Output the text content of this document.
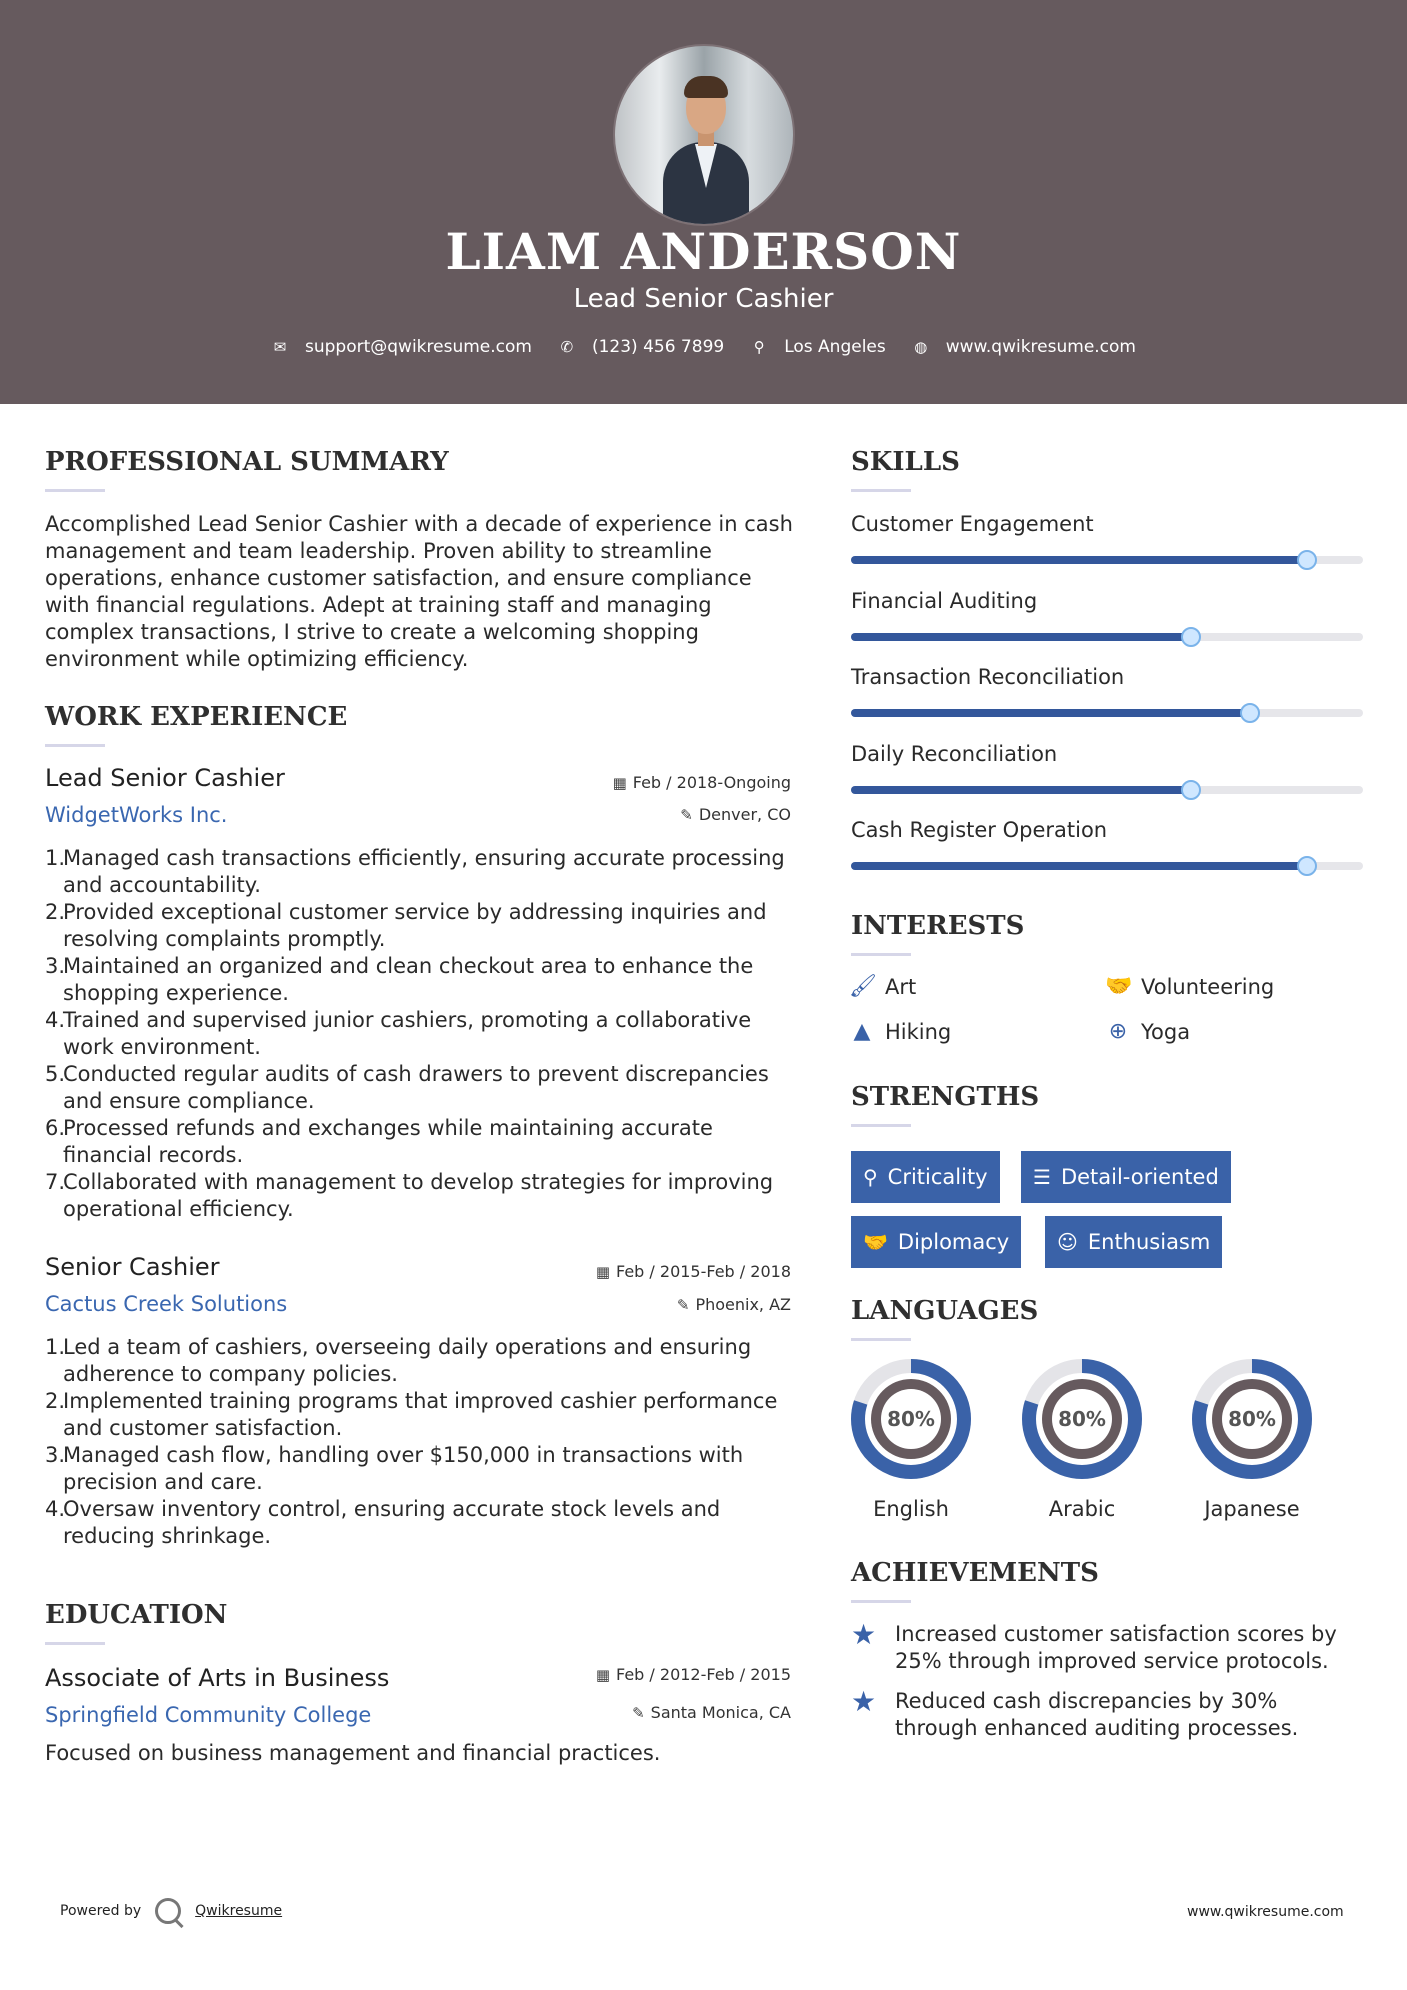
LIAM ANDERSON
Lead Senior Cashier
✉ support@qwikresume.com ✆ (123) 456 7899 ⚲ Los Angeles ◍ www.qwikresume.com
PROFESSIONAL SUMMARY
Accomplished Lead Senior Cashier with a decade of experience in cash
management and team leadership. Proven ability to streamline
operations, enhance customer satisfaction, and ensure compliance
with financial regulations. Adept at training staff and managing
complex transactions, I strive to create a welcoming shopping
environment while optimizing efficiency.
WORK EXPERIENCE
Lead Senior Cashier	▦ Feb / 2018-Ongoing
WidgetWorks Inc.	✎ Denver, CO
1.
Managed cash transactions efficiently, ensuring accurate processing
and accountability.
2.
Provided exceptional customer service by addressing inquiries and
resolving complaints promptly.
3.
Maintained an organized and clean checkout area to enhance the
shopping experience.
4.
Trained and supervised junior cashiers, promoting a collaborative
work environment.
5.
Conducted regular audits of cash drawers to prevent discrepancies
and ensure compliance.
6.
Processed refunds and exchanges while maintaining accurate
financial records.
7.
Collaborated with management to develop strategies for improving
operational efficiency.
Senior Cashier	▦ Feb / 2015-Feb / 2018
Cactus Creek Solutions	✎ Phoenix, AZ
1.
Led a team of cashiers, overseeing daily operations and ensuring
adherence to company policies.
2.
Implemented training programs that improved cashier performance
and customer satisfaction.
3.
Managed cash flow, handling over $150,000 in transactions with
precision and care.
4.
Oversaw inventory control, ensuring accurate stock levels and
reducing shrinkage.
EDUCATION
Associate of Arts in Business	▦ Feb / 2012-Feb / 2015
Springfield Community College	✎ Santa Monica, CA
Focused on business management and financial practices.
SKILLS
Customer Engagement
Financial Auditing
Transaction Reconciliation
Daily Reconciliation
Cash Register Operation
INTERESTS
🖌 Art	🤝 Volunteering
▲ Hiking	⊕ Yoga
STRENGTHS
⚲ Criticality ☰ Detail-oriented
🤝 Diplomacy ☺ Enthusiasm
LANGUAGES
80%
English
80%
Arabic
80%
Japanese
ACHIEVEMENTS
★ Increased customer satisfaction scores by
25% through improved service protocols.
★ Reduced cash discrepancies by 30%
through enhanced auditing processes.
Powered by	Qwikresume	www.qwikresume.com
